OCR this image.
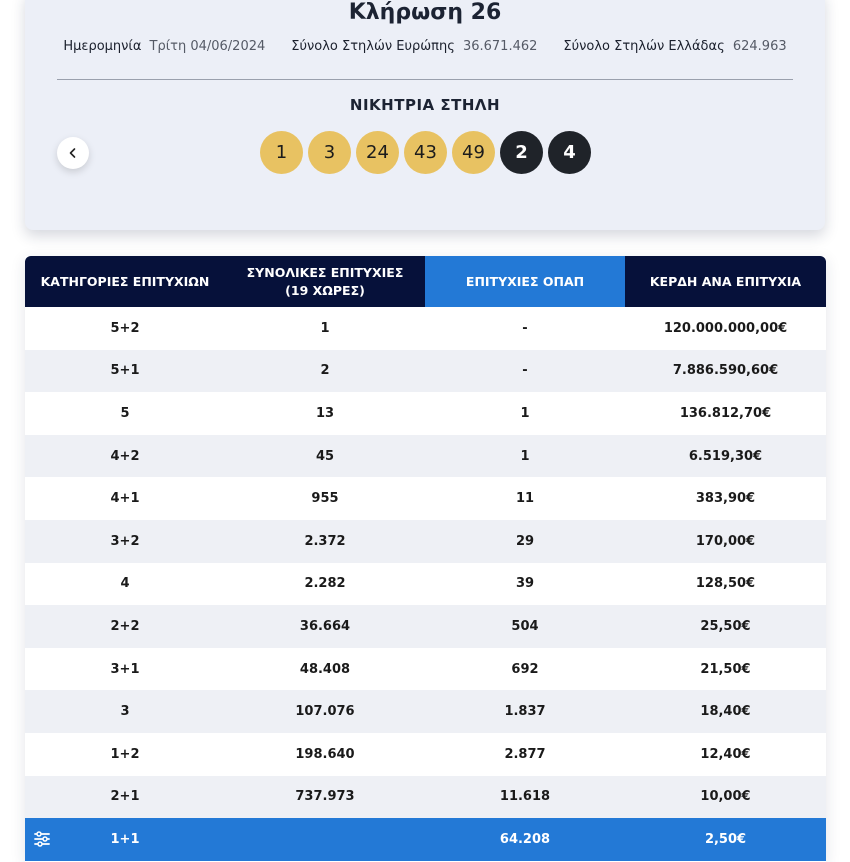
Κλήρωση 26
Ημερομηνία Τρίτη 04/06/2024 Σύνολο Στηλών Ευρώπης 36.671.462 Σύνολο Στηλών Ελλάδας 624.963
ΝΙΚΗΤΡΙΑ ΣΤΗΛΗ
1	3	24	43	49	2	4
ΚΑΤΗΓΟΡΙΕΣ ΕΠΙΤΥΧΙΩΝ	ΣΥΝΟΛΙΚΕΣ ΕΠΙΤΥΧΙΕΣ (19 ΧΩΡΕΣ)	ΕΠΙΤΥΧΙΕΣ ΟΠΑΠ	ΚΕΡΔΗ ΑΝΑ ΕΠΙΤΥΧΙΑ
5+2	1	-	120.000.000,00€
5+1	2	-	7.886.590,60€
5	13	1	136.812,70€
4+2	45	1	6.519,30€
4+1	955	11	383,90€
3+2	2.372	29	170,00€
4	2.282	39	128,50€
2+2	36.664	504	25,50€
3+1	48.408	692	21,50€
3	107.076	1.837	18,40€
1+2	198.640	2.877	12,40€
2+1	737.973	11.618	10,00€

1+1		64.208	2,50€
